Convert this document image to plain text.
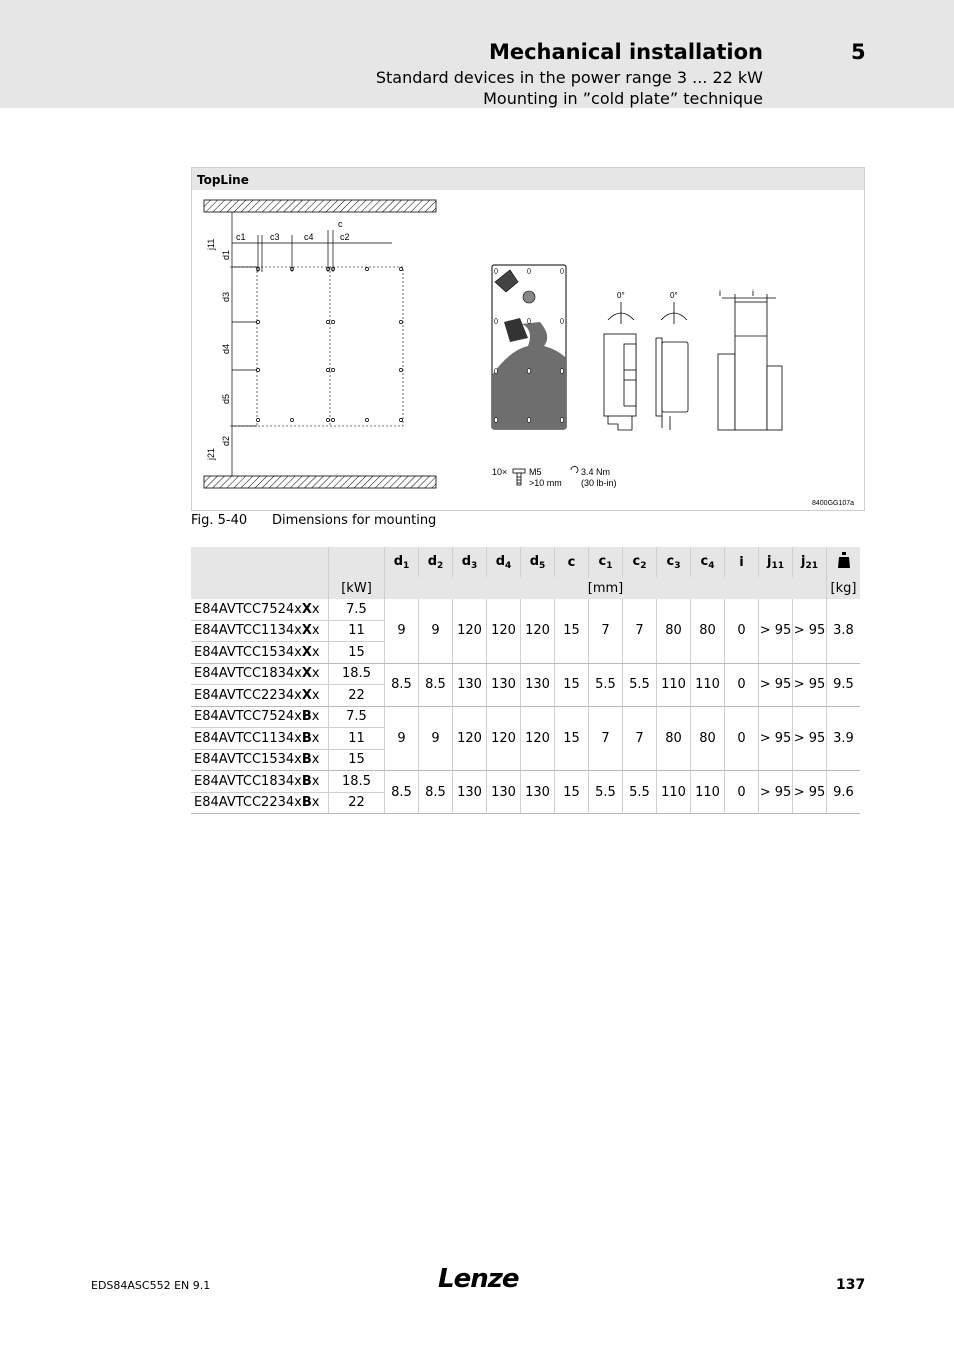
Mechanical installation	5
Standard devices in the power range 3 ... 22 kW
Mounting in ”cold plate” technique
TopLine
c1	c3	c4
c
c2
j11
d1
d3
d4
d5
d2
j21
0°	0°	i	i
10× M5
>10 mm
3.4 Nm
(30 lb-in)
8400GG107a
Fig. 5-40 Dimensions for mounting
		$d_1$	$d_2$	$d_3$	$d_4$	$d_5$	c	$c_1$	$c_2$	$c_3$	$c_4$	i	$j_{11}$	$j_{21}$	
	[kW]	[mm]													[kg]
E84AVTCC7524xXx	7.5	9	9	120	120	120	15	7	7	80	80	0	> 95	> 95	3.8
E84AVTCC1134xXx	11														
E84AVTCC1534xXx	15														
E84AVTCC1834xXx	18.5	8.5	8.5	130	130	130	15	5.5	5.5	110	110	0	> 95	> 95	9.5
E84AVTCC2234xXx	22														
E84AVTCC7524xBx	7.5	9	9	120	120	120	15	7	7	80	80	0	> 95	> 95	3.9
E84AVTCC1134xBx	11														
E84AVTCC1534xBx	15														
E84AVTCC1834xBx	18.5	8.5	8.5	130	130	130	15	5.5	5.5	110	110	0	> 95	> 95	9.6
E84AVTCC2234xBx	22														
EDS84ASC552 EN 9.1	Lenze	137
